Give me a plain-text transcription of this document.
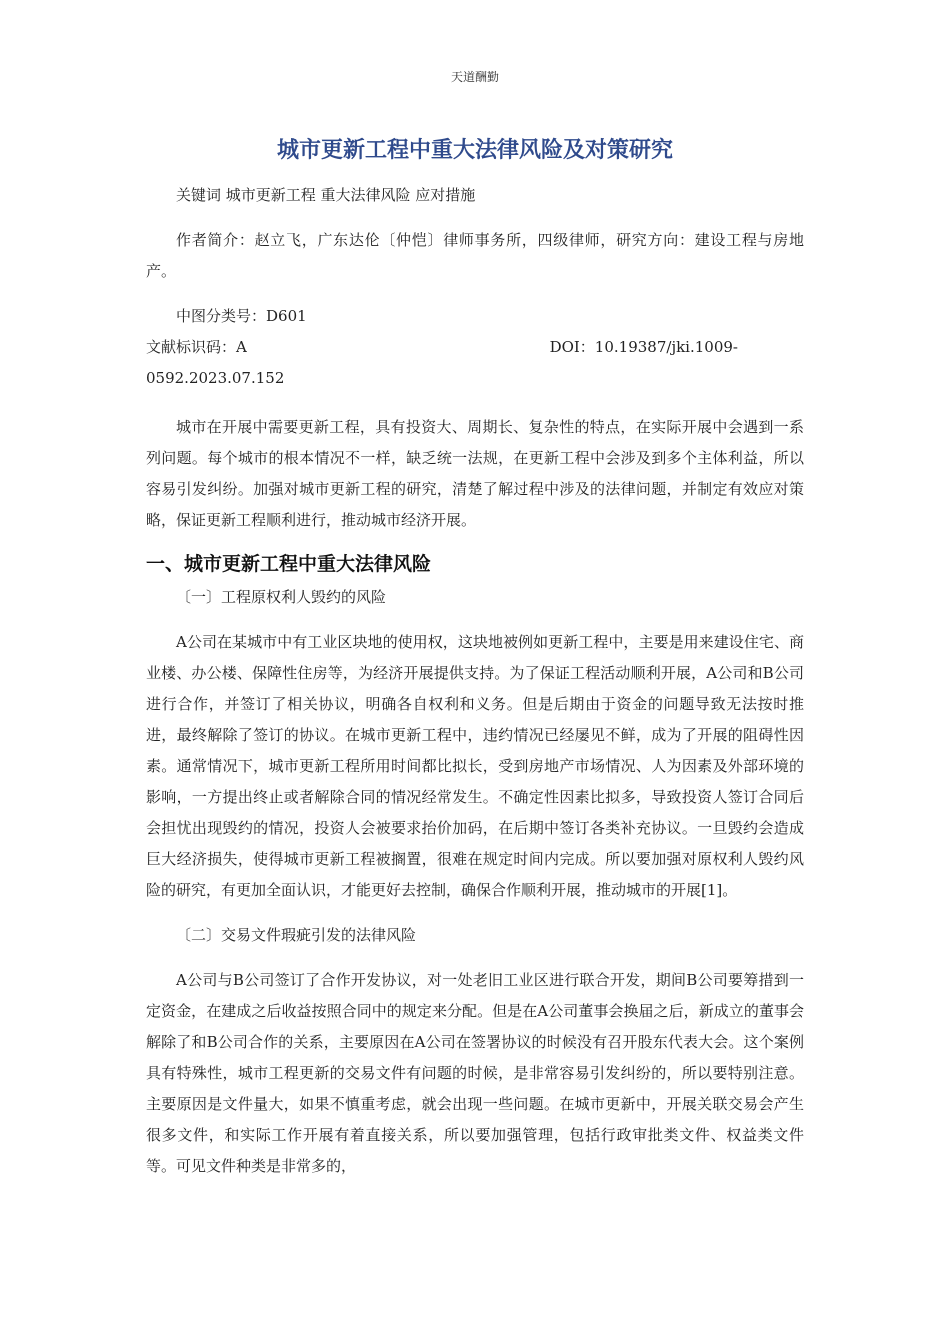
天道酬勤
城市更新工程中重大法律风险及对策研究

关键词 城市更新工程 重大法律风险 应对措施

作者简介：赵立飞，广东达伦〔仲恺〕律师事务所，四级律师，研究方向：建设工程与房地产。

中图分类号：D601

文献标识码：A	DOI：10.19387/jki.1009-

0592.2023.07.152

城市在开展中需要更新工程，具有投资大、周期长、复杂性的特点，在实际开展中会遇到一系列问题。每个城市的根本情况不一样，缺乏统一法规，在更新工程中会涉及到多个主体利益，所以容易引发纠纷。加强对城市更新工程的研究，清楚了解过程中涉及的法律问题，并制定有效应对策略，保证更新工程顺利进行，推动城市经济开展。

一、城市更新工程中重大法律风险

〔一〕工程原权利人毁约的风险

A公司在某城市中有工业区块地的使用权，这块地被例如更新工程中，主要是用来建设住宅、商业楼、办公楼、保障性住房等，为经济开展提供支持。为了保证工程活动顺利开展，A公司和B公司进行合作，并签订了相关协议，明确各自权利和义务。但是后期由于资金的问题导致无法按时推进，最终解除了签订的协议。在城市更新工程中，违约情况已经屡见不鲜，成为了开展的阻碍性因素。通常情况下，城市更新工程所用时间都比拟长，受到房地产市场情况、人为因素及外部环境的影响，一方提出终止或者解除合同的情况经常发生。不确定性因素比拟多，导致投资人签订合同后会担忧出现毁约的情况，投资人会被要求抬价加码，在后期中签订各类补充协议。一旦毁约会造成巨大经济损失，使得城市更新工程被搁置，很难在规定时间内完成。所以要加强对原权利人毁约风险的研究，有更加全面认识，才能更好去控制，确保合作顺利开展，推动城市的开展[1]。

〔二〕交易文件瑕疵引发的法律风险

A公司与B公司签订了合作开发协议，对一处老旧工业区进行联合开发，期间B公司要筹措到一定资金，在建成之后收益按照合同中的规定来分配。但是在A公司董事会换届之后，新成立的董事会解除了和B公司合作的关系，主要原因在A公司在签署协议的时候没有召开股东代表大会。这个案例具有特殊性，城市工程更新的交易文件有问题的时候，是非常容易引发纠纷的，所以要特别注意。主要原因是文件量大，如果不慎重考虑，就会出现一些问题。在城市更新中，开展关联交易会产生很多文件，和实际工作开展有着直接关系，所以要加强管理，包括行政审批类文件、权益类文件等。可见文件种类是非常多的，
